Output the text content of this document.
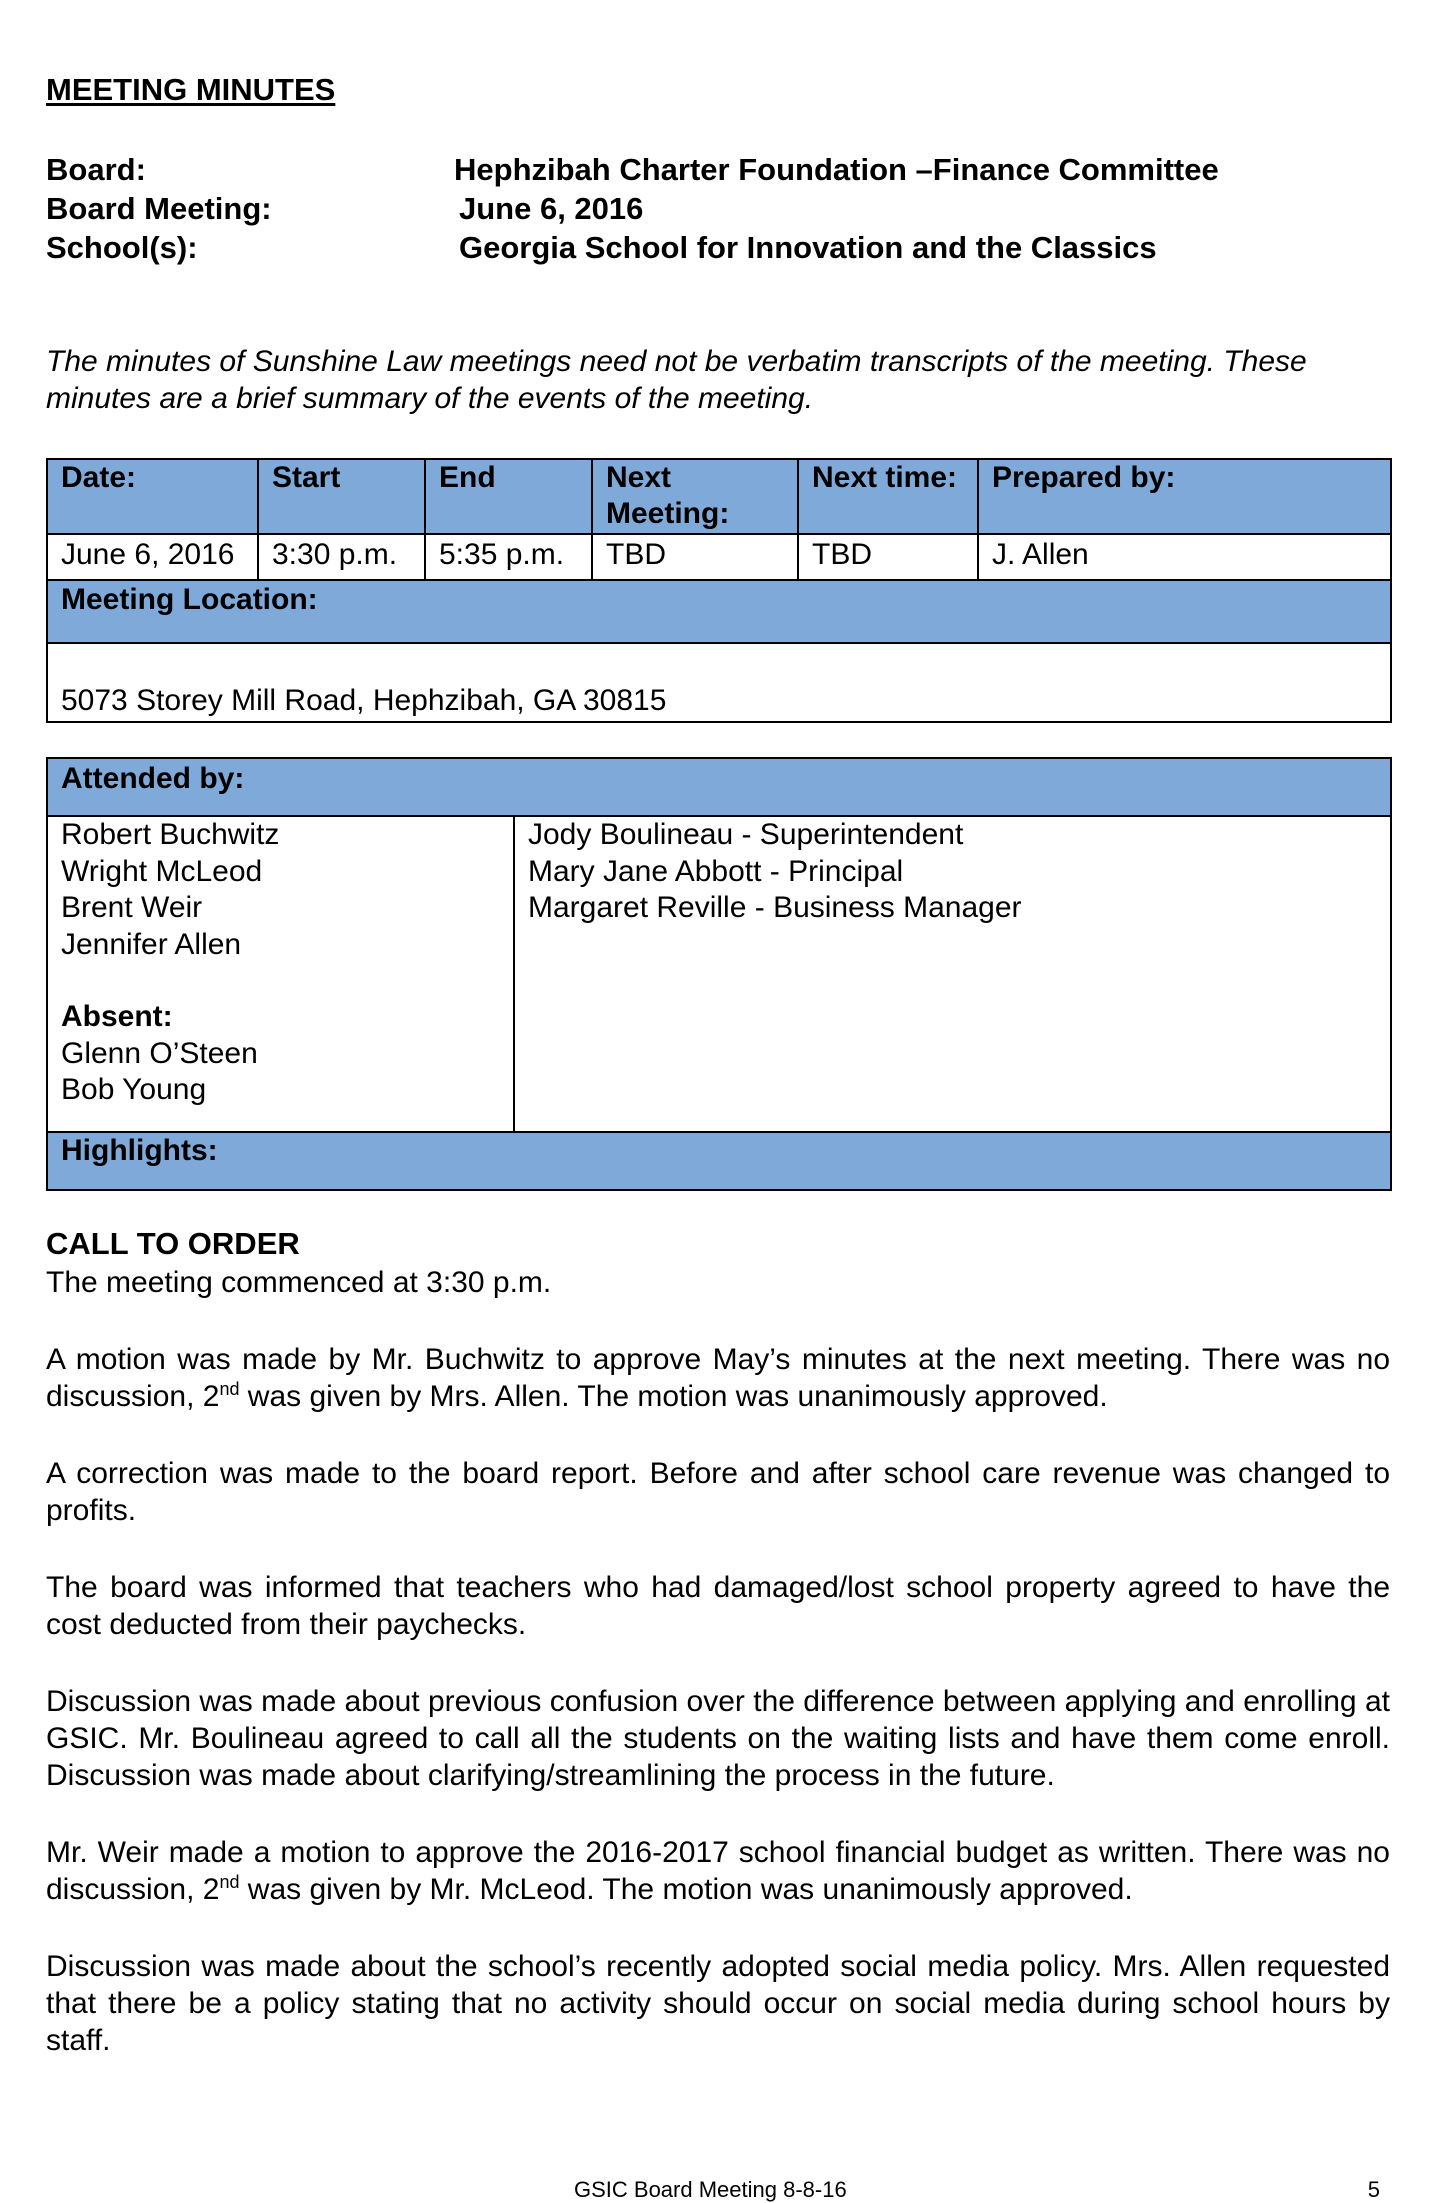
MEETING MINUTES
Board:	Hephzibah Charter Foundation –Finance Committee
Board Meeting:	June 6, 2016
School(s):	Georgia School for Innovation and the Classics
The minutes of Sunshine Law meetings need not be verbatim transcripts of the meeting. These minutes are a brief summary of the events of the meeting.
Date:	Start	End	Next Meeting:	Next time:	Prepared by:
June 6, 2016	3:30 p.m.	5:35 p.m.	TBD	TBD	J. Allen
Meeting Location:					
5073 Storey Mill Road, Hephzibah, GA 30815					
Attended by:

Robert Buchwitz
Wright McLeod
Brent Weir
Jennifer Allen
Absent:
Glenn O’Steen
Bob Young

Jody Boulineau - Superintendent
Mary Jane Abbott - Principal
Margaret Reville - Business Manager

Highlights:
CALL TO ORDER
The meeting commenced at 3:30 p.m.
A motion was made by Mr. Buchwitz to approve May’s minutes at the next meeting. There was no discussion, 2nd was given by Mrs. Allen. The motion was unanimously approved.
A correction was made to the board report. Before and after school care revenue was changed to profits.
The board was informed that teachers who had damaged/lost school property agreed to have the cost deducted from their paychecks.
Discussion was made about previous confusion over the difference between applying and enrolling at GSIC. Mr. Boulineau agreed to call all the students on the waiting lists and have them come enroll. Discussion was made about clarifying/streamlining the process in the future.
Mr. Weir made a motion to approve the 2016-2017 school financial budget as written. There was no discussion, 2nd was given by Mr. McLeod. The motion was unanimously approved.
Discussion was made about the school’s recently adopted social media policy. Mrs. Allen requested that there be a policy stating that no activity should occur on social media during school hours by staff.
GSIC Board Meeting 8-8-16	5
